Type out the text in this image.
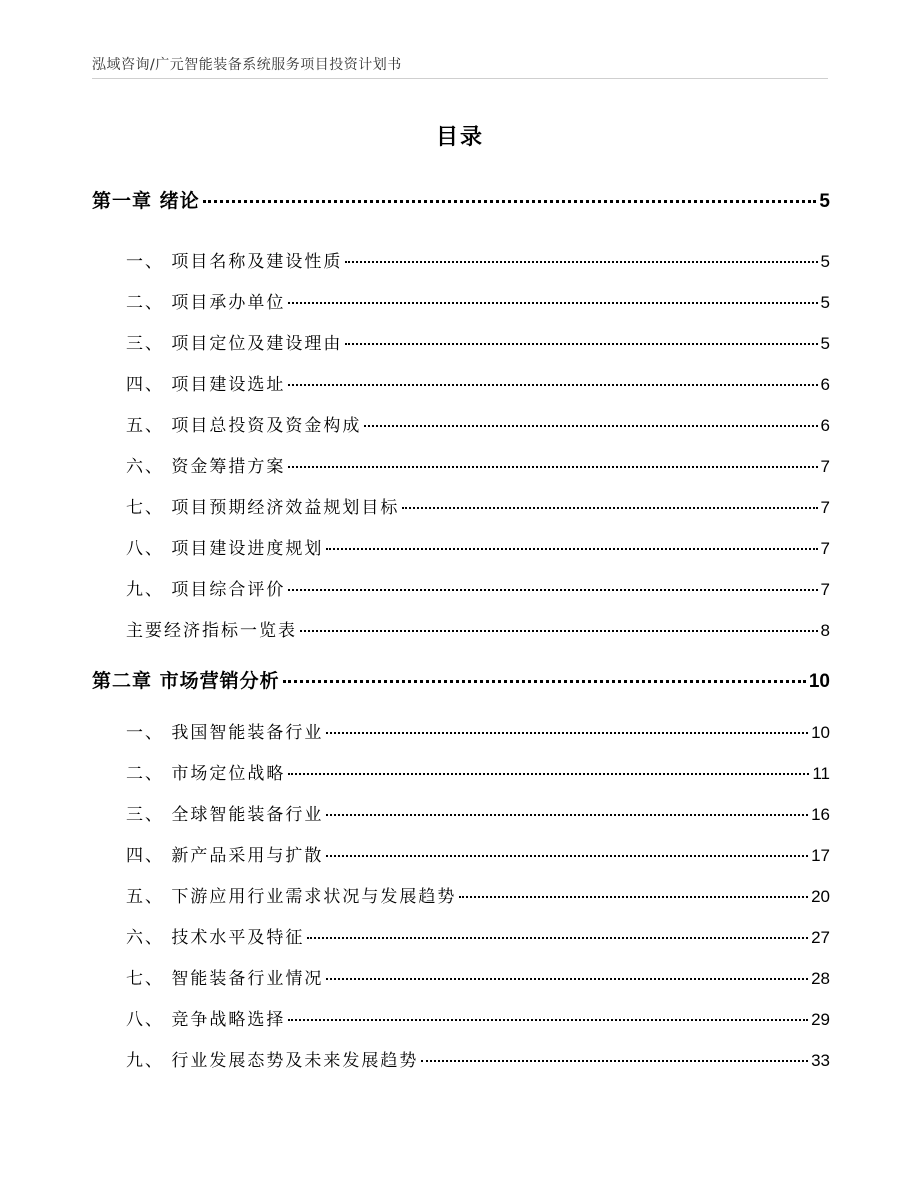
泓域咨询/广元智能装备系统服务项目投资计划书
目录
第一章 绪论	5
一、 项目名称及建设性质	5
二、 项目承办单位	5
三、 项目定位及建设理由	5
四、 项目建设选址	6
五、 项目总投资及资金构成	6
六、 资金筹措方案	7
七、 项目预期经济效益规划目标	7
八、 项目建设进度规划	7
九、 项目综合评价	7
主要经济指标一览表	8
第二章 市场营销分析	10
一、 我国智能装备行业	10
二、 市场定位战略	11
三、 全球智能装备行业	16
四、 新产品采用与扩散	17
五、 下游应用行业需求状况与发展趋势	20
六、 技术水平及特征	27
七、 智能装备行业情况	28
八、 竞争战略选择	29
九、 行业发展态势及未来发展趋势	33
